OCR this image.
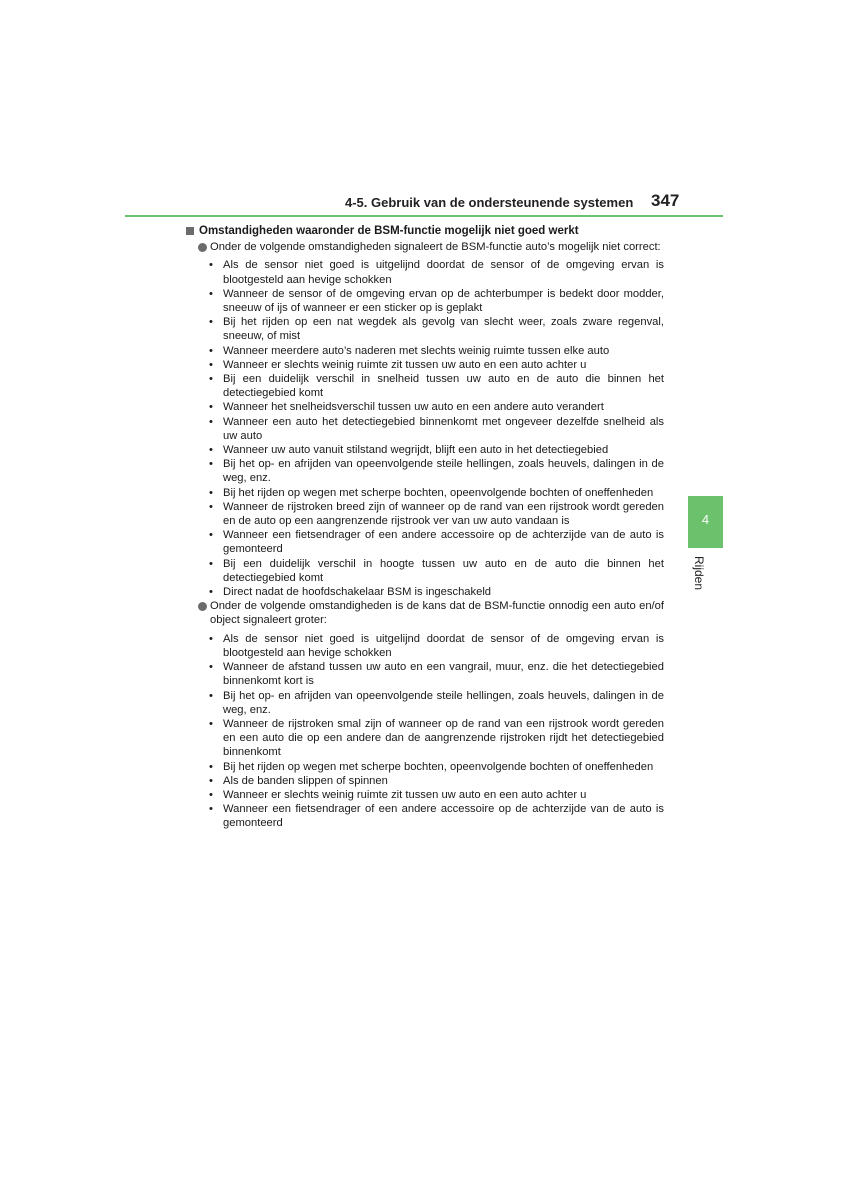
4-5. Gebruik van de ondersteunende systemen 347
4
Rijden
Omstandigheden waaronder de BSM-functie mogelijk niet goed werkt
Onder de volgende omstandigheden signaleert de BSM-functie auto’s mogelijk niet correct:
• Als de sensor niet goed is uitgelijnd doordat de sensor of de omgeving ervan is blootgesteld aan hevige schokken
• Wanneer de sensor of de omgeving ervan op de achterbumper is bedekt door modder, sneeuw of ijs of wanneer er een sticker op is geplakt
• Bij het rijden op een nat wegdek als gevolg van slecht weer, zoals zware regenval, sneeuw, of mist
• Wanneer meerdere auto’s naderen met slechts weinig ruimte tussen elke auto
• Wanneer er slechts weinig ruimte zit tussen uw auto en een auto achter u
• Bij een duidelijk verschil in snelheid tussen uw auto en de auto die binnen het detectiegebied komt
• Wanneer het snelheidsverschil tussen uw auto en een andere auto verandert
• Wanneer een auto het detectiegebied binnenkomt met ongeveer dezelfde snelheid als uw auto
• Wanneer uw auto vanuit stilstand wegrijdt, blijft een auto in het detectiegebied
• Bij het op- en afrijden van opeenvolgende steile hellingen, zoals heuvels, dalingen in de weg, enz.
• Bij het rijden op wegen met scherpe bochten, opeenvolgende bochten of oneffenheden
• Wanneer de rijstroken breed zijn of wanneer op de rand van een rijstrook wordt gereden en de auto op een aangrenzende rijstrook ver van uw auto vandaan is
• Wanneer een fietsendrager of een andere accessoire op de achterzijde van de auto is gemonteerd
• Bij een duidelijk verschil in hoogte tussen uw auto en de auto die binnen het detectiegebied komt
• Direct nadat de hoofdschakelaar BSM is ingeschakeld
Onder de volgende omstandigheden is de kans dat de BSM-functie onnodig een auto en/of object signaleert groter:
• Als de sensor niet goed is uitgelijnd doordat de sensor of de omgeving ervan is blootgesteld aan hevige schokken
• Wanneer de afstand tussen uw auto en een vangrail, muur, enz. die het detectiegebied binnenkomt kort is
• Bij het op- en afrijden van opeenvolgende steile hellingen, zoals heuvels, dalingen in de weg, enz.
• Wanneer de rijstroken smal zijn of wanneer op de rand van een rijstrook wordt gereden en een auto die op een andere dan de aangrenzende rijstroken rijdt het detectiegebied binnenkomt
• Bij het rijden op wegen met scherpe bochten, opeenvolgende bochten of oneffenheden
• Als de banden slippen of spinnen
• Wanneer er slechts weinig ruimte zit tussen uw auto en een auto achter u
• Wanneer een fietsendrager of een andere accessoire op de achterzijde van de auto is gemonteerd
